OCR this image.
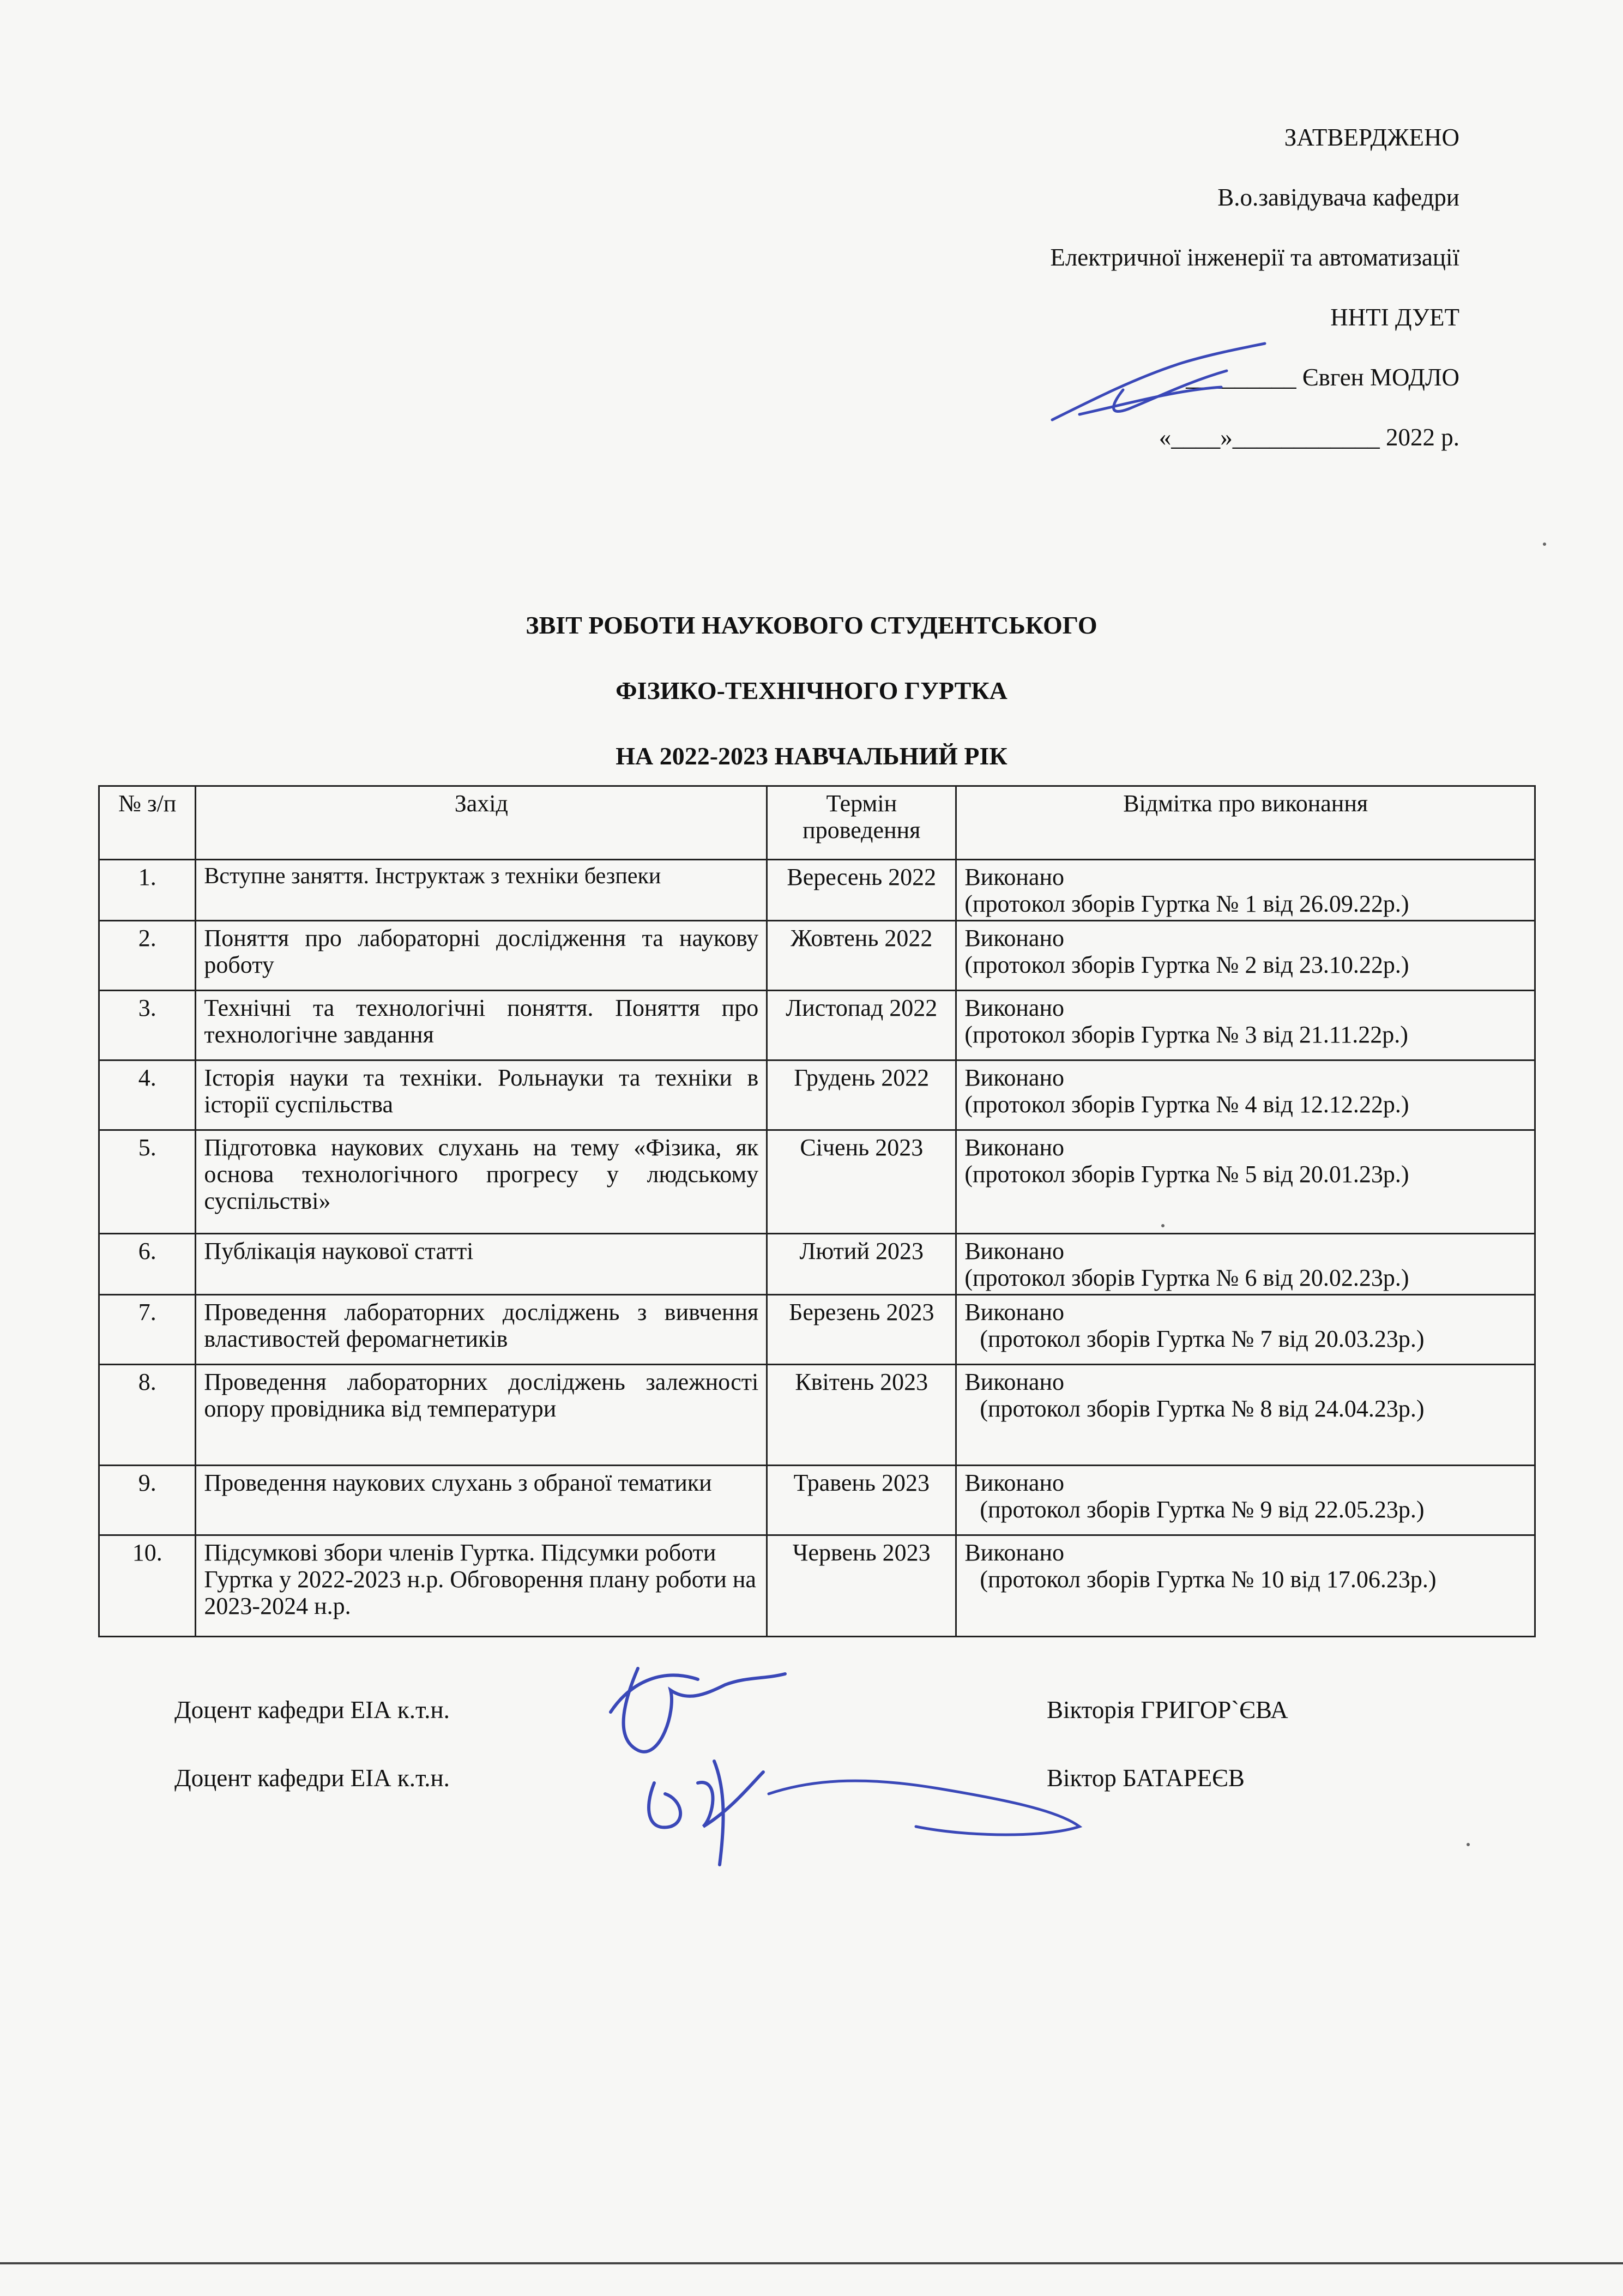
ЗАТВЕРДЖЕНО
В.о.завідувача кафедри
Електричної інженерії та автоматизації
ННТІ ДУЕТ
_________ Євген МОДЛО
«____»____________ 2022 р.
ЗВІТ РОБОТИ НАУКОВОГО СТУДЕНТСЬКОГО
ФІЗИКО-ТЕХНІЧНОГО ГУРТКА
НА 2022-2023 НАВЧАЛЬНИЙ РІК
№ з/п	Захід	Термін проведення	Відмітка про виконання
1.	Вступне заняття. Інструктаж з техніки безпеки	Вересень 2022	Виконано
(протокол зборів Гуртка № 1 від 26.09.22р.)

2.	Поняття про лабораторні дослідження та наукову роботу	Жовтень 2022	Виконано
(протокол зборів Гуртка № 2 від 23.10.22р.)

3.	Технічні та технологічні поняття. Поняття про технологічне завдання	Листопад 2022	Виконано
(протокол зборів Гуртка № 3 від 21.11.22р.)

4.	Історія науки та техніки. Рольнауки та техніки в історії суспільства	Грудень 2022	Виконано
(протокол зборів Гуртка № 4 від 12.12.22р.)

5.	Підготовка наукових слухань на тему «Фізика, як основа технологічного прогресу у людському суспільстві»	Січень 2023	Виконано
(протокол зборів Гуртка № 5 від 20.01.23р.)

6.	Публікація наукової статті	Лютий 2023	Виконано
(протокол зборів Гуртка № 6 від 20.02.23р.)

7.	Проведення лабораторних досліджень з вивчення властивостей феромагнетиків	Березень 2023	Виконано
(протокол зборів Гуртка № 7 від 20.03.23р.)

8.	Проведення лабораторних досліджень залежності опору провідника від температури	Квітень 2023	Виконано
(протокол зборів Гуртка № 8 від 24.04.23р.)

9.	Проведення наукових слухань з обраної тематики	Травень 2023	Виконано
(протокол зборів Гуртка № 9 від 22.05.23р.)

10.	Підсумкові збори членів Гуртка. Підсумки роботи Гуртка у 2022-2023 н.р. Обговорення плану роботи на 2023-2024 н.р.	Червень 2023	Виконано
(протокол зборів Гуртка № 10 від 17.06.23р.)
Доцент кафедри ЕІА к.т.н.	Вікторія ГРИГОР`ЄВА
Доцент кафедри ЕІА к.т.н.	Віктор БАТАРЕЄВ
